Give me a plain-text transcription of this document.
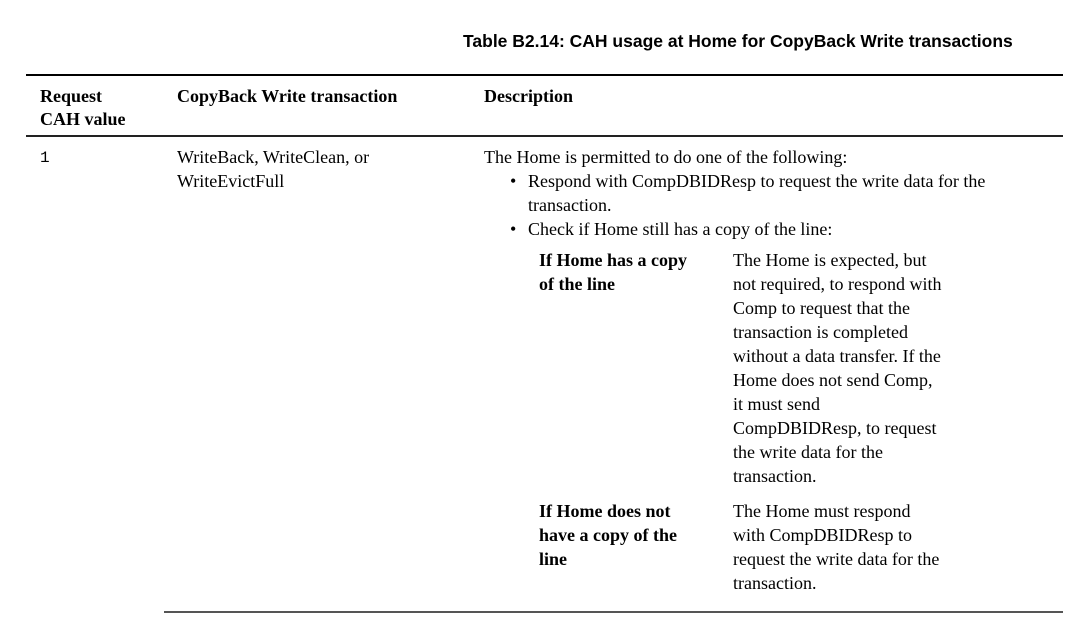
Table B2.14: CAH usage at Home for CopyBack Write transactions
Request
CAH value
CopyBack Write transaction	Description
1	WriteBack, WriteClean, or
WriteEvictFull
The Home is permitted to do one of the following:
• Respond with CompDBIDResp to request the write data for the
transaction.
• Check if Home still has a copy of the line:
If Home has a copy
of the line
The Home is expected, but
not required, to respond with
Comp to request that the
transaction is completed
without a data transfer. If the
Home does not send Comp,
it must send
CompDBIDResp, to request
the write data for the
transaction.
If Home does not
have a copy of the
line
The Home must respond
with CompDBIDResp to
request the write data for the
transaction.
